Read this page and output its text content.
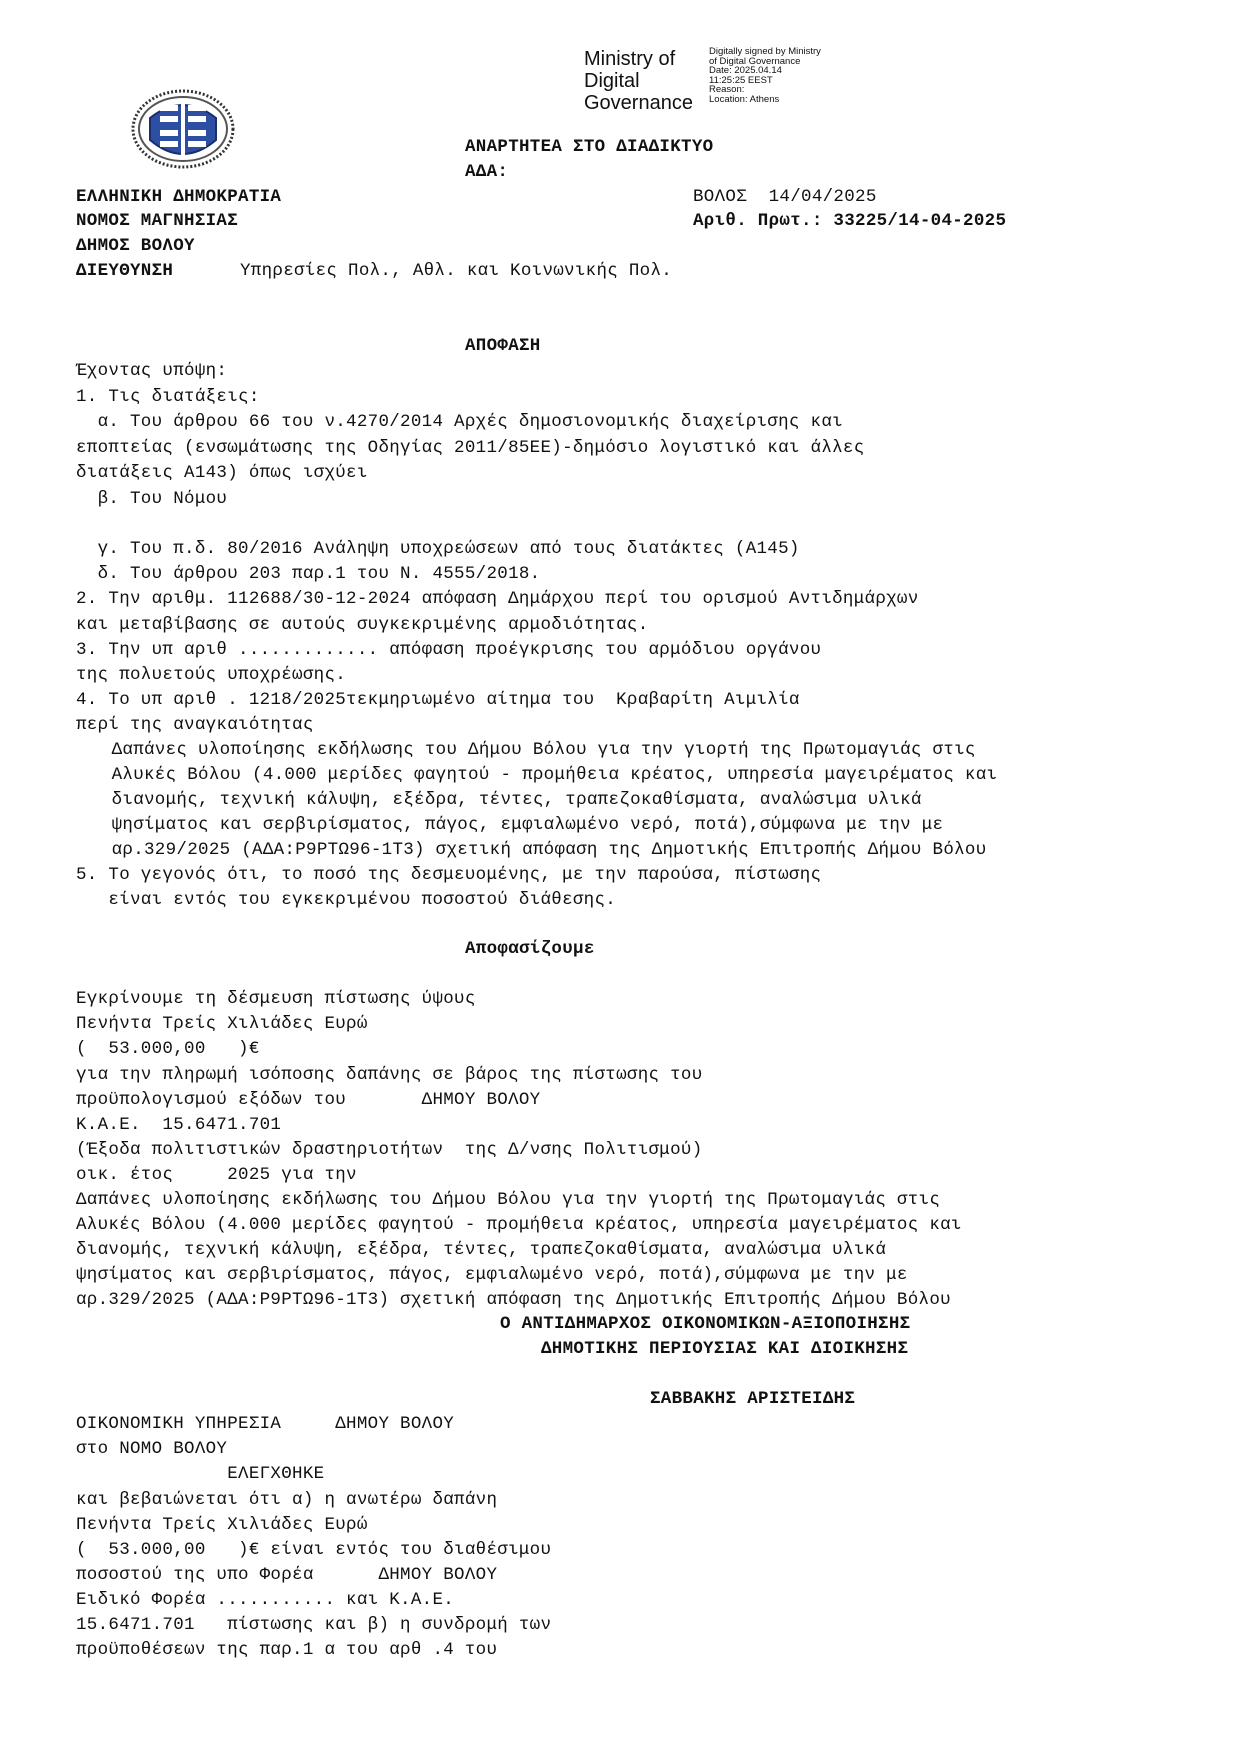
Ministry of
Digital
Governance
Digitally signed by Ministry
of Digital Governance
Date: 2025.04.14
11:25:25 EEST
Reason:
Location: Athens
ΑΝΑΡΤΗΤΕΑ ΣΤΟ ΔΙΑΔΙΚΤΥΟ
ΑΔΑ:
ΕΛΛΗΝΙΚΗ ΔΗΜΟΚΡΑΤΙΑ	ΒΟΛΟΣ  14/04/2025
ΝΟΜΟΣ ΜΑΓΝΗΣΙΑΣ	Αριθ. Πρωτ.: 33225/14-04-2025
ΔΗΜΟΣ ΒΟΛΟΥ
ΔΙΕΥΘΥΝΣΗ	Υπηρεσίες Πολ., Αθλ. και Κοινωνικής Πολ.
ΑΠΟΦΑΣΗ
Έχοντας υπόψη:
1. Τις διατάξεις:
α. Του άρθρου 66 του ν.4270/2014 Αρχές δημοσιονομικής διαχείρισης και
εποπτείας (ενσωμάτωσης της Οδηγίας 2011/85ΕΕ)-δημόσιο λογιστικό και άλλες
διατάξεις Α143) όπως ισχύει
β. Του Νόμου
γ. Του π.δ. 80/2016 Ανάληψη υποχρεώσεων από τους διατάκτες (Α145)
δ. Του άρθρου 203 παρ.1 του Ν. 4555/2018.
2. Την αριθμ. 112688/30-12-2024 απόφαση Δημάρχου περί του ορισμού Αντιδημάρχων
και μεταβίβασης σε αυτούς συγκεκριμένης αρμοδιότητας.
3. Την υπ αριθ ............. απόφαση προέγκρισης του αρμόδιου οργάνου
της πολυετούς υποχρέωσης.
4. Το υπ αριθ . 1218/2025τεκμηριωμένο αίτημα του  Κραβαρίτη Αιμιλία
περί της αναγκαιότητας
Δαπάνες υλοποίησης εκδήλωσης του Δήμου Βόλου για την γιορτή της Πρωτομαγιάς στις
Αλυκές Βόλου (4.000 μερίδες φαγητού - προμήθεια κρέατος, υπηρεσία μαγειρέματος και
διανομής, τεχνική κάλυψη, εξέδρα, τέντες, τραπεζοκαθίσματα, αναλώσιμα υλικά
ψησίματος και σερβιρίσματος, πάγος, εμφιαλωμένο νερό, ποτά),σύμφωνα με την με
αρ.329/2025 (ΑΔΑ:Ρ9ΡΤΩ96-1Τ3) σχετική απόφαση της Δημοτικής Επιτροπής Δήμου Βόλου
5. Το γεγονός ότι, το ποσό της δεσμευομένης, με την παρούσα, πίστωσης
είναι εντός του εγκεκριμένου ποσοστού διάθεσης.
Αποφασίζουμε
Εγκρίνουμε τη δέσμευση πίστωσης ύψους
Πενήντα Τρείς Χιλιάδες Ευρώ
(  53.000,00   )€
για την πληρωμή ισόποσης δαπάνης σε βάρος της πίστωσης του
προϋπολογισμού εξόδων του       ΔΗΜΟΥ ΒΟΛΟΥ
Κ.Α.Ε.  15.6471.701
(Έξοδα πολιτιστικών δραστηριοτήτων  της Δ/νσης Πολιτισμού)
οικ. έτος     2025 για την
Δαπάνες υλοποίησης εκδήλωσης του Δήμου Βόλου για την γιορτή της Πρωτομαγιάς στις
Αλυκές Βόλου (4.000 μερίδες φαγητού - προμήθεια κρέατος, υπηρεσία μαγειρέματος και
διανομής, τεχνική κάλυψη, εξέδρα, τέντες, τραπεζοκαθίσματα, αναλώσιμα υλικά
ψησίματος και σερβιρίσματος, πάγος, εμφιαλωμένο νερό, ποτά),σύμφωνα με την με
αρ.329/2025 (ΑΔΑ:Ρ9ΡΤΩ96-1Τ3) σχετική απόφαση της Δημοτικής Επιτροπής Δήμου Βόλου
Ο ΑΝΤΙΔΗΜΑΡΧΟΣ ΟΙΚΟΝΟΜΙΚΩΝ-ΑΞΙΟΠΟΙΗΣΗΣ
ΔΗΜΟΤΙΚΗΣ ΠΕΡΙΟΥΣΙΑΣ ΚΑΙ ΔΙΟΙΚΗΣΗΣ
ΣΑΒΒΑΚΗΣ ΑΡΙΣΤΕΙΔΗΣ
ΟΙΚΟΝΟΜΙΚΗ ΥΠΗΡΕΣΙΑ     ΔΗΜΟΥ ΒΟΛΟΥ
στο ΝΟΜΟ ΒΟΛΟΥ
ΕΛΕΓΧΘΗΚΕ
και βεβαιώνεται ότι α) η ανωτέρω δαπάνη
Πενήντα Τρείς Χιλιάδες Ευρώ
(  53.000,00   )€ είναι εντός του διαθέσιμου
ποσοστού της υπο Φορέα      ΔΗΜΟΥ ΒΟΛΟΥ
Ειδικό Φορέα ........... και Κ.Α.Ε.
15.6471.701   πίστωσης και β) η συνδρομή των
προϋποθέσεων της παρ.1 α του αρθ .4 του
